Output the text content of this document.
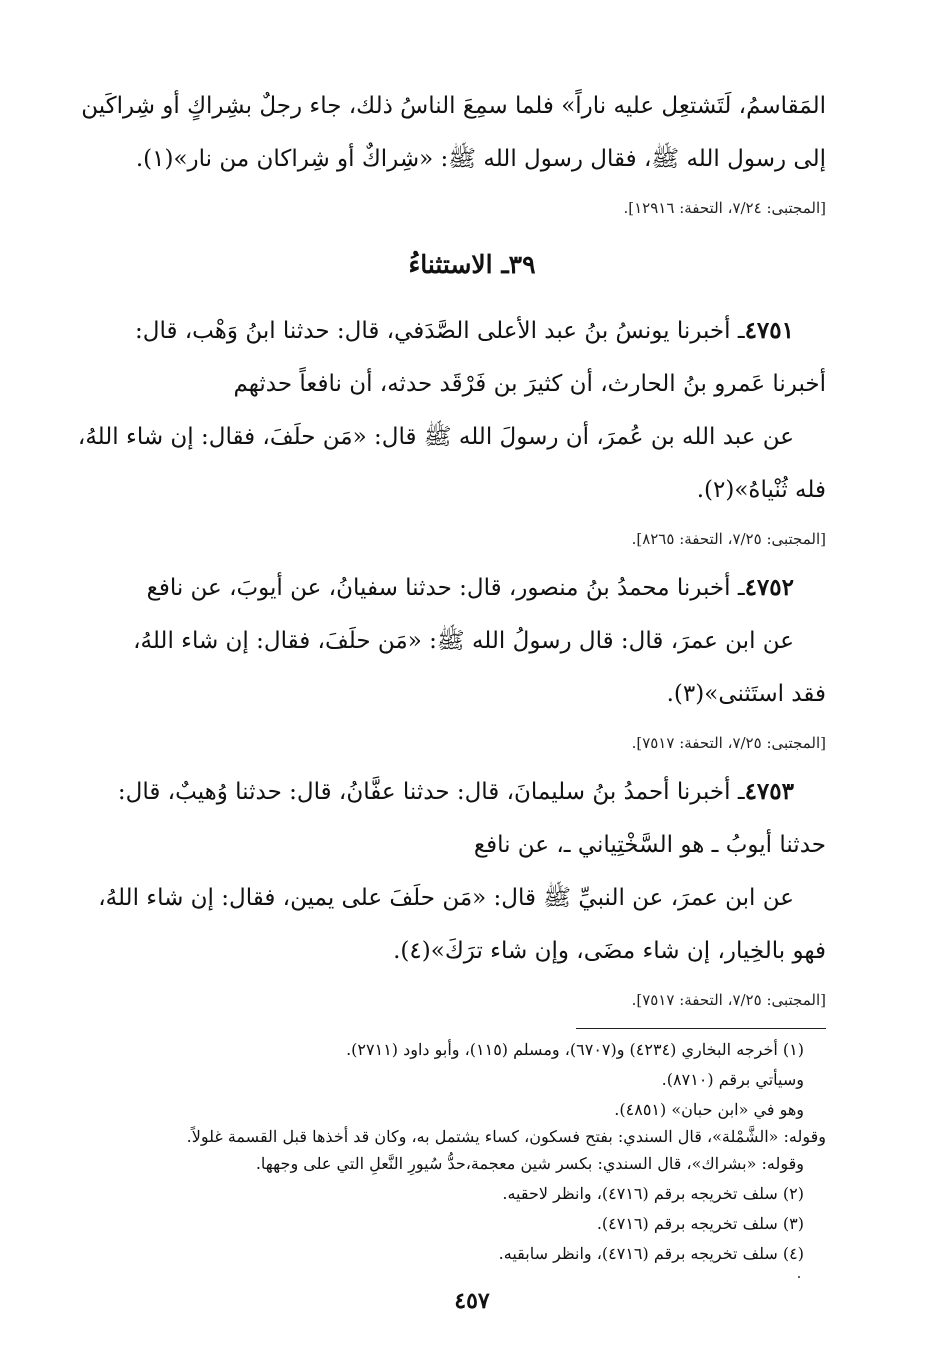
المَقاسمُ، لَتَشتعِل عليه ناراً» فلما سمِعَ الناسُ ذلك، جاء رجلٌ بشِراكٍ أو شِراكَين
إلى رسول الله ﷺ، فقال رسول الله ﷺ: «شِراكٌ أو شِراكان من نار»(١).
[المجتبى: ٧/٢٤، التحفة: ١٢٩١٦].
٣٩ـ الاستثناءُ
٤٧٥١ـ أخبرنا يونسُ بنُ عبد الأعلى الصَّدَفي، قال: حدثنا ابنُ وَهْب، قال:
أخبرنا عَمرو بنُ الحارث، أن كثيرَ بن فَرْقَد حدثه، أن نافعاً حدثهم
عن عبد الله بن عُمرَ، أن رسولَ الله ﷺ قال: «مَن حلَفَ، فقال: إن شاء اللهُ،
فله ثُنْياهُ»(٢).
[المجتبى: ٧/٢٥، التحفة: ٨٢٦٥].
٤٧٥٢ـ أخبرنا محمدُ بنُ منصور، قال: حدثنا سفيانُ، عن أيوبَ، عن نافع
عن ابن عمرَ، قال: قال رسولُ الله ﷺ: «مَن حلَفَ، فقال: إن شاء اللهُ،
فقد استَثنى»(٣).
[المجتبى: ٧/٢٥، التحفة: ٧٥١٧].
٤٧٥٣ـ أخبرنا أحمدُ بنُ سليمانَ، قال: حدثنا عفَّانُ، قال: حدثنا وُهيبٌ، قال:
حدثنا أيوبُ ـ هو السَّخْتِياني ـ، عن نافع
عن ابن عمرَ، عن النبيِّ ﷺ قال: «مَن حلَفَ على يمين، فقال: إن شاء اللهُ،
فهو بالخِيار، إن شاء مضَى، وإن شاء ترَكَ»(٤).
[المجتبى: ٧/٢٥، التحفة: ٧٥١٧].
(١) أخرجه البخاري (٤٢٣٤) و(٦٧٠٧)، ومسلم (١١٥)، وأبو داود (٢٧١١).
وسيأتي برقم (٨٧١٠).
وهو في «ابن حبان» (٤٨٥١).
وقوله: «الشَّمْلة»، قال السندي: بفتح فسكون، كساء يشتمل به، وكان قد أخذها قبل القسمة غلولاً.
وقوله: «بشراك»، قال السندي: بكسر شين معجمة،حدُّ سُيورِ النَّعلِ التي على وجهها.
(٢) سلف تخريجه برقم (٤٧١٦)، وانظر لاحقيه.
(٣) سلف تخريجه برقم (٤٧١٦).
(٤) سلف تخريجه برقم (٤٧١٦)، وانظر سابقيه.
٤٥٧
